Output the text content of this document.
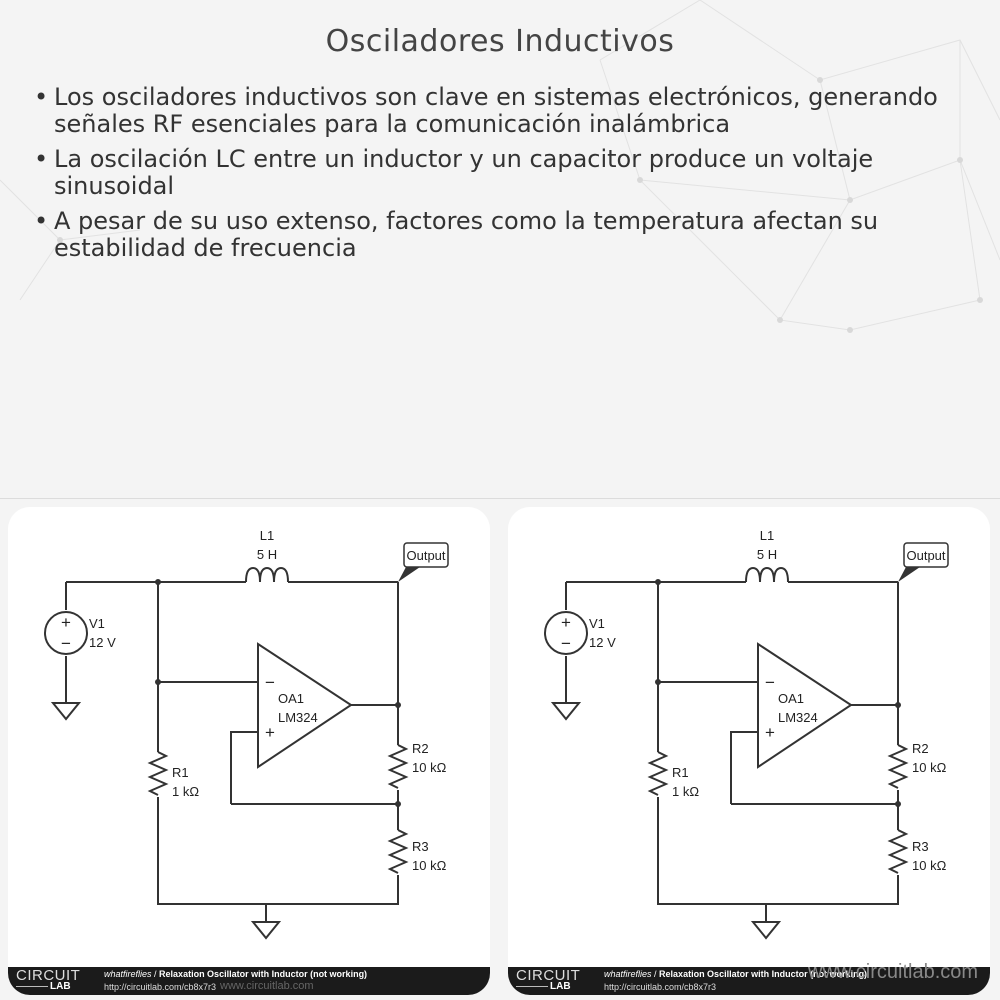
Osciladores Inductivos
• Los osciladores inductivos son clave en sistemas electrónicos, generando señales RF esenciales para la comunicación inalámbrica
• La oscilación LC entre un inductor y un capacitor produce un voltaje sinusoidal
• A pesar de su uso extenso, factores como la temperatura afectan su estabilidad de frecuencia
Output
L1
5 H
V1
12 V
+
−
−
+
OA1
LM324
R1
1 kΩ
R2
10 kΩ
R3
10 kΩ
CIRCUIT
LAB
whatfireflies / Relaxation Oscillator with Inductor (not working)
http://circuitlab.com/cb8x7r3 www.circuitlab.com
Output
L1
5 H
V1
12 V
+
−
−
+
OA1
LM324
R1
1 kΩ
R2
10 kΩ
R3
10 kΩ
CIRCUIT
LAB
whatfireflies / Relaxation Oscillator with Inductor (not working)
http://circuitlab.com/cb8x7r3
www.circuitlab.com
